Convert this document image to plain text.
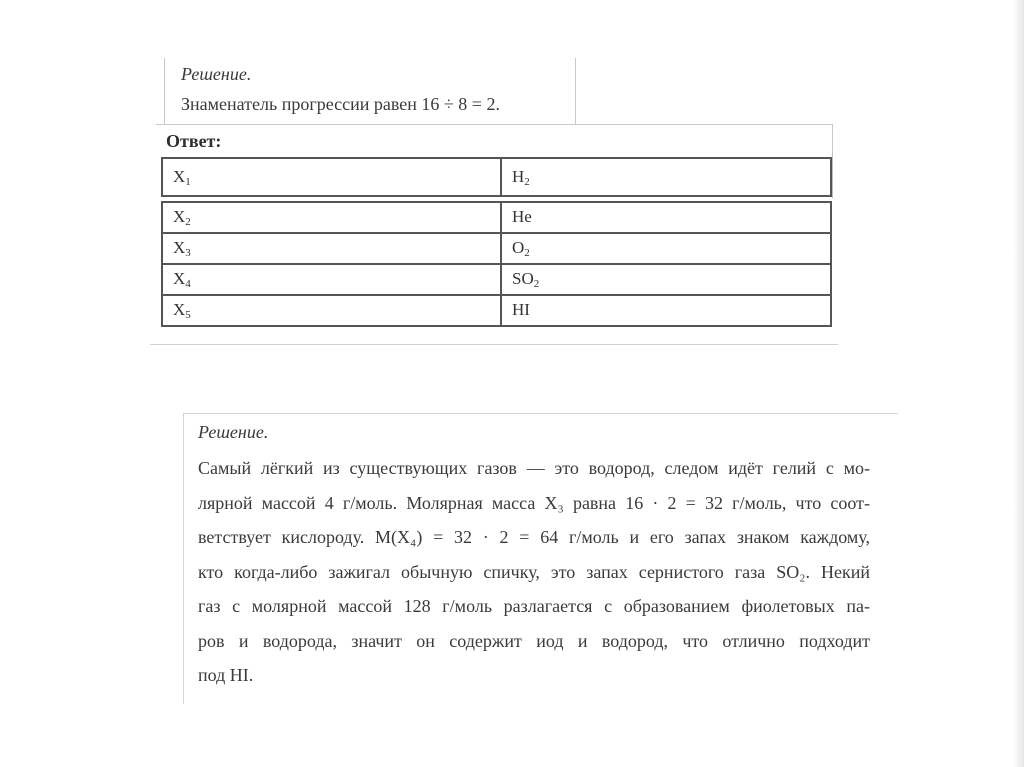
Решение.
Знаменатель прогрессии равен 16 ÷ 8 = 2.
Ответ:
$X_1$	$H_2$
$X_2$	He
$X_3$	$O_2$
$X_4$	$SO_2$
$X_5$	HI
Решение.
Самый лёгкий из существующих газов — это водород, следом идёт гелий с мо-
лярной массой 4 г/моль. Молярная масса X₃ равна 16 · 2 = 32 г/моль, что соот-
ветствует кислороду. M(X₄) = 32 · 2 = 64 г/моль и его запах знаком каждому,
кто когда-либо зажигал обычную спичку, это запах сернистого газа SO₂. Некий
газ с молярной массой 128 г/моль разлагается с образованием фиолетовых па-
ров и водорода, значит он содержит иод и водород, что отлично подходит
под HI.
